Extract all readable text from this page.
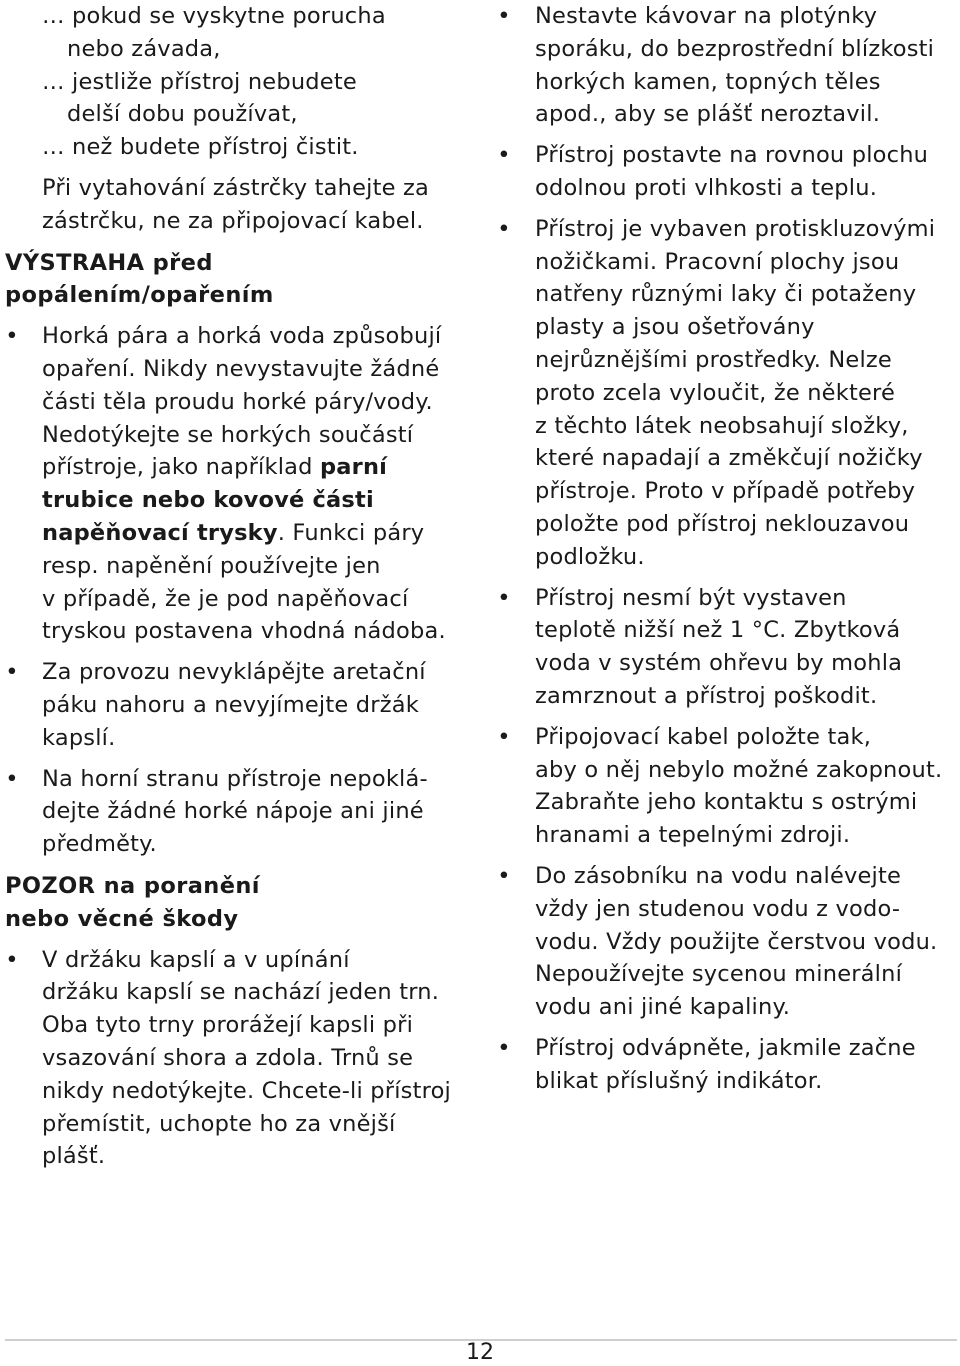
… pokud se vyskytne porucha
nebo závada,
… jestliže přístroj nebudete
delší dobu používat,
… než budete přístroj čistit.
Při vytahování zástrčky tahejte za
zástrčku, ne za připojovací kabel.
VÝSTRAHA před
popálením/opařením
•	Horká pára a horká voda způsobují
opaření. Nikdy nevystavujte žádné
části těla proudu horké páry/vody.
Nedotýkejte se horkých součástí
přístroje, jako například parní
trubice nebo kovové části
napěňovací trysky. Funkci páry
resp. napěnění používejte jen
v případě, že je pod napěňovací
tryskou postavena vhodná nádoba.
•	Za provozu nevyklápějte aretační
páku nahoru a nevyjímejte držák
kapslí.
•	Na horní stranu přístroje nepoklá-
dejte žádné horké nápoje ani jiné
předměty.
POZOR na poranění
nebo věcné škody
•	V držáku kapslí a v upínání
držáku kapslí se nachází jeden trn.
Oba tyto trny prorážejí kapsli při
vsazování shora a zdola. Trnů se
nikdy nedotýkejte. Chcete-li přístroj
přemístit, uchopte ho za vnější
plášť.
•	Nestavte kávovar na plotýnky
sporáku, do bezprostřední blízkosti
horkých kamen, topných těles
apod., aby se plášť neroztavil.
•	Přístroj postavte na rovnou plochu
odolnou proti vlhkosti a teplu.
•	Přístroj je vybaven protiskluzovými
nožičkami. Pracovní plochy jsou
natřeny různými laky či potaženy
plasty a jsou ošetřovány
nejrůznějšími prostředky. Nelze
proto zcela vyloučit, že některé
z těchto látek neobsahují složky,
které napadají a změkčují nožičky
přístroje. Proto v případě potřeby
položte pod přístroj neklouzavou
podložku.
•	Přístroj nesmí být vystaven
teplotě nižší než 1 °C. Zbytková
voda v systém ohřevu by mohla
zamrznout a přístroj poškodit.
•	Připojovací kabel položte tak,
aby o něj nebylo možné zakopnout.
Zabraňte jeho kontaktu s ostrými
hranami a tepelnými zdroji.
•	Do zásobníku na vodu nalévejte
vždy jen studenou vodu z vodo-
vodu. Vždy použijte čerstvou vodu.
Nepoužívejte sycenou minerální
vodu ani jiné kapaliny.
•	Přístroj odvápněte, jakmile začne
blikat příslušný indikátor.
12
